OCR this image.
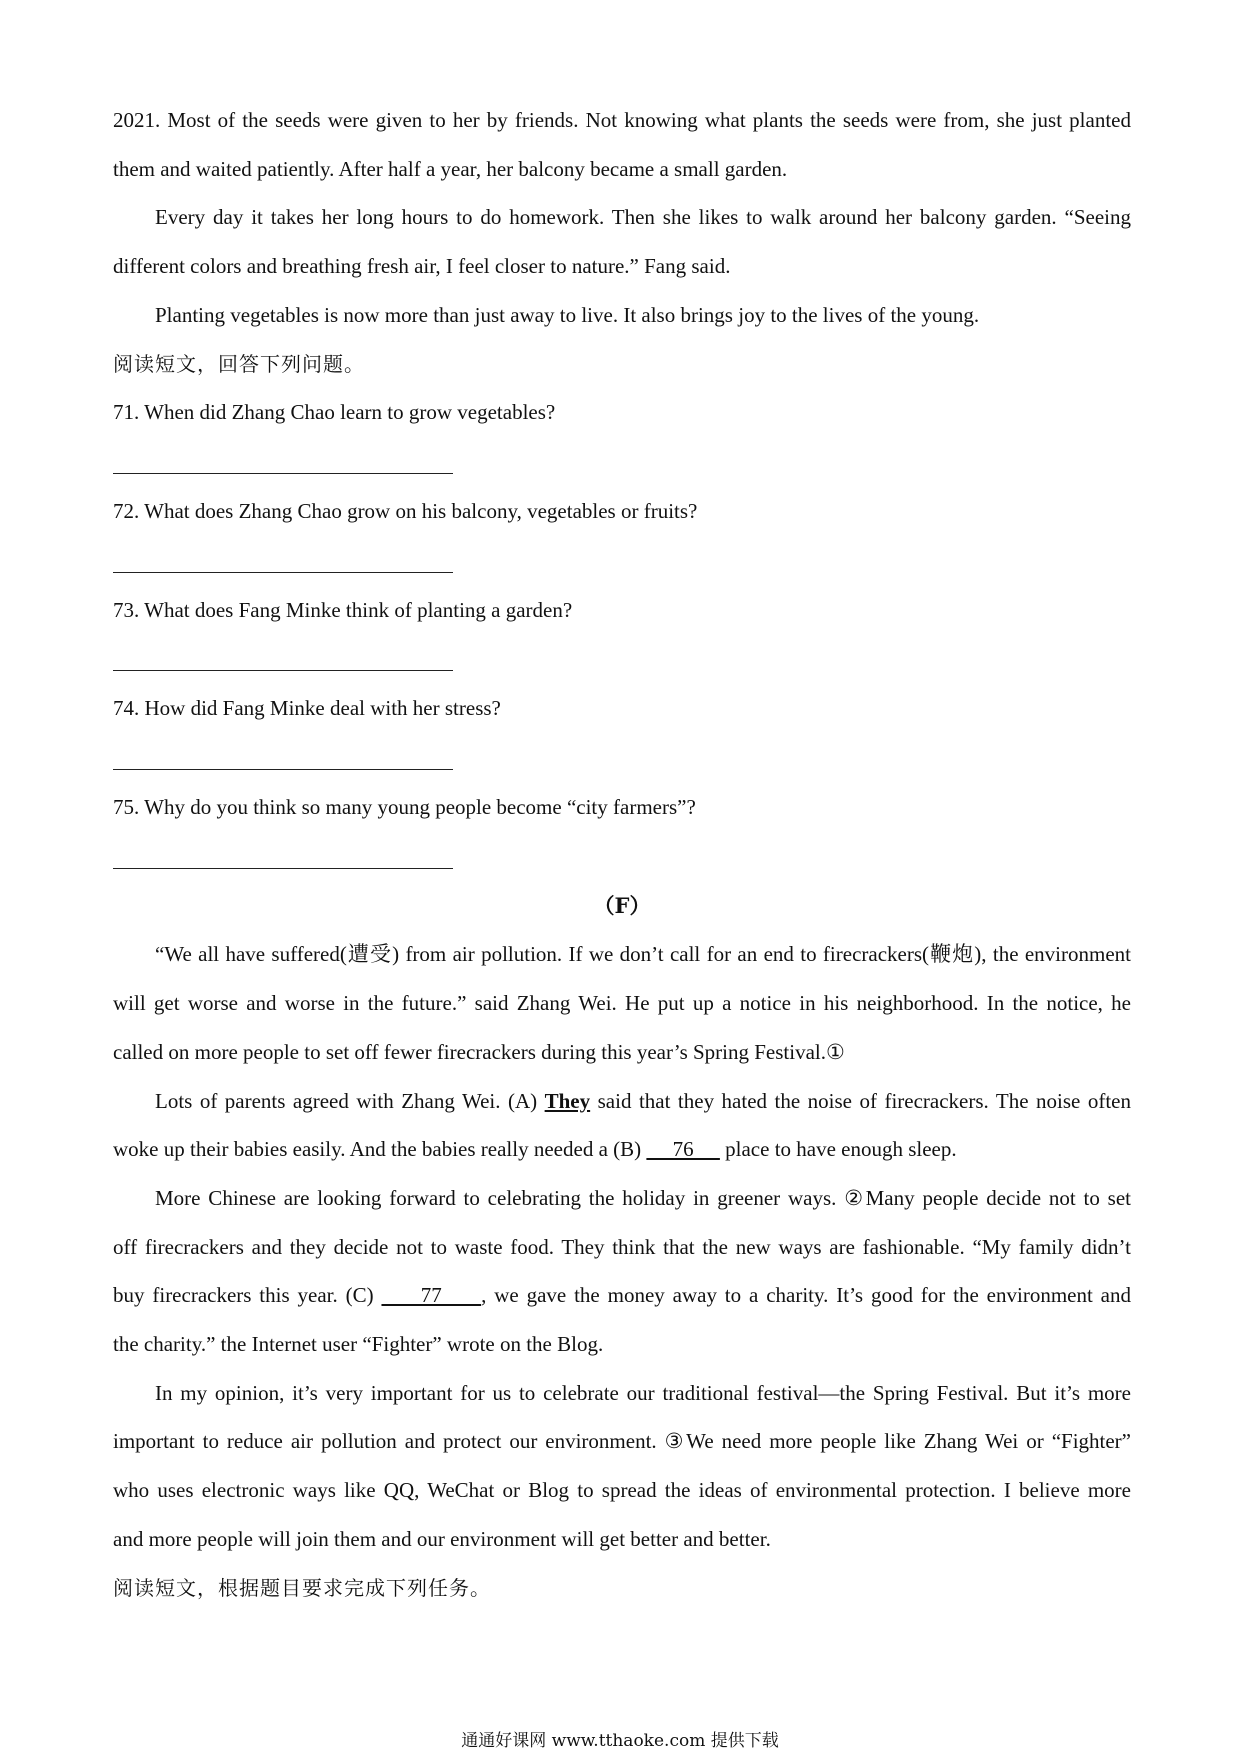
2021. Most of the seeds were given to her by friends. Not knowing what plants the seeds were from, she just planted

them and waited patiently. After half a year, her balcony became a small garden.

Every day it takes her long hours to do homework. Then she likes to walk around her balcony garden. “Seeing

different colors and breathing fresh air, I feel closer to nature.” Fang said.

Planting vegetables is now more than just away to live. It also brings joy to the lives of the young.

阅读短文，回答下列问题。

71. When did Zhang Chao learn to grow vegetables?

72. What does Zhang Chao grow on his balcony, vegetables or fruits?

73. What does Fang Minke think of planting a garden?

74. How did Fang Minke deal with her stress?

75. Why do you think so many young people become “city farmers”?

（F）

“We all have suffered(遭受) from air pollution. If we don’t call for an end to firecrackers(鞭炮), the environment

will get worse and worse in the future.” said Zhang Wei. He put up a notice in his neighborhood. In the notice, he

called on more people to set off fewer firecrackers during this year’s Spring Festival.①

Lots of parents agreed with Zhang Wei. (A) They said that they hated the noise of firecrackers. The noise often

woke up their babies easily. And the babies really needed a (B)      76      place to have enough sleep.

More Chinese are looking forward to celebrating the holiday in greener ways. ②Many people decide not to set

off firecrackers and they decide not to waste food. They think that the new ways are fashionable. “My family didn’t

buy firecrackers this year. (C)      77     , we gave the money away to a charity. It’s good for the environment and

the charity.” the Internet user “Fighter” wrote on the Blog.

In my opinion, it’s very important for us to celebrate our traditional festival—the Spring Festival. But it’s more

important to reduce air pollution and protect our environment. ③We need more people like Zhang Wei or “Fighter”

who uses electronic ways like QQ, WeChat or Blog to spread the ideas of environmental protection. I believe more

and more people will join them and our environment will get better and better.

阅读短文，根据题目要求完成下列任务。

通通好课网 www.tthaoke.com 提供下载
